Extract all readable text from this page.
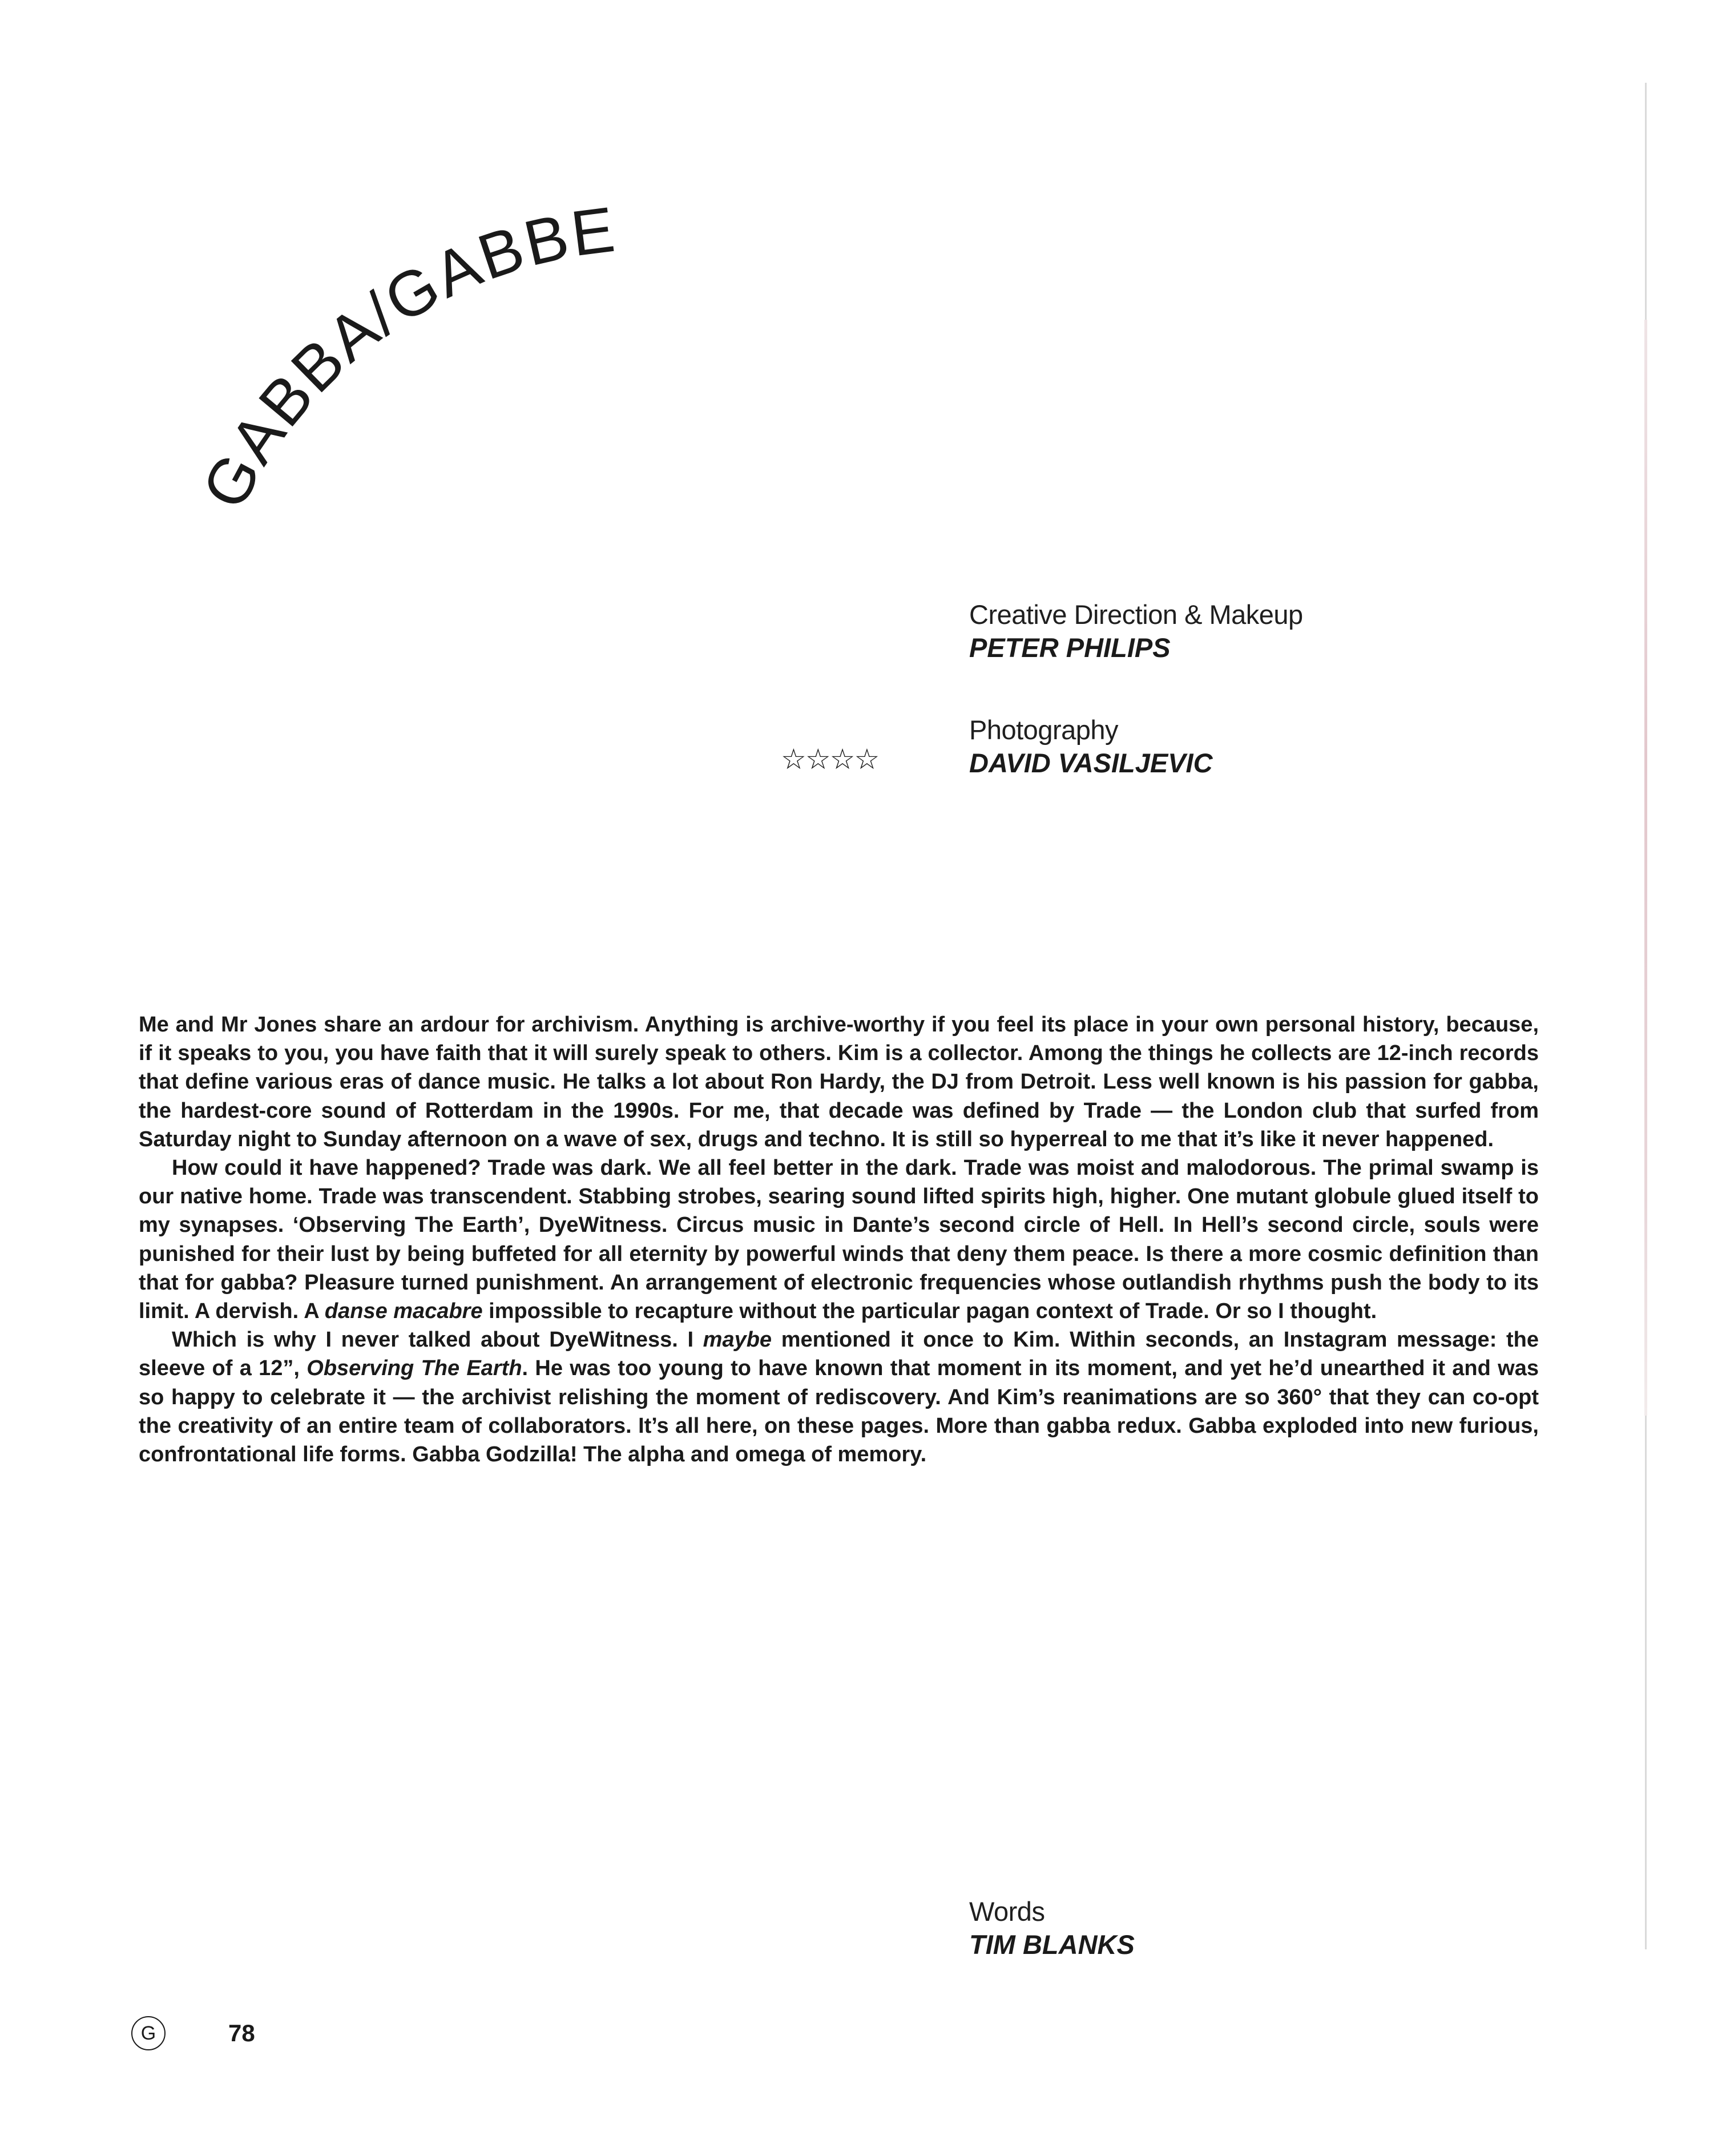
GABBA/GABBER
Creative Direction & Makeup
PETER PHILIPS
☆☆☆☆
Photography
DAVID VASILJEVIC

Me and Mr Jones share an ardour for archivism. Anything is archive-worthy if you feel its place in your own personal history, because, if it speaks to you, you have faith that it will surely speak to others. Kim is a collector. Among the things he collects are 12-inch records that define various eras of dance music. He talks a lot about Ron Hardy, the DJ from Detroit. Less well known is his passion for gabba, the hardest-core sound of Rotterdam in the 1990s. For me, that decade was defined by Trade — the London club that surfed from Saturday night to Sunday afternoon on a wave of sex, drugs and techno. It is still so hyperreal to me that it’s like it never happened.

How could it have happened? Trade was dark. We all feel better in the dark. Trade was moist and malodorous. The primal swamp is our native home. Trade was transcendent. Stabbing strobes, searing sound lifted spirits high, higher. One mutant globule glued itself to my synapses. ‘Observing The Earth’, DyeWitness. Circus music in Dante’s second circle of Hell. In Hell’s second circle, souls were punished for their lust by being buffeted for all eternity by powerful winds that deny them peace. Is there a more cosmic definition than that for gabba? Pleasure turned punishment. An arrangement of electronic frequencies whose outlandish rhythms push the body to its limit. A dervish. A danse macabre impossible to recapture without the particular pagan context of Trade. Or so I thought.

Which is why I never talked about DyeWitness. I maybe mentioned it once to Kim. Within seconds, an Instagram message: the sleeve of a 12”, Observing The Earth. He was too young to have known that moment in its moment, and yet he’d unearthed it and was so happy to celebrate it — the archivist relishing the moment of rediscovery. And Kim’s reanimations are so 360° that they can co-opt the creativity of an entire team of collaborators. It’s all here, on these pages. More than gabba redux. Gabba exploded into new furious, confrontational life forms. Gabba Godzilla! The alpha and omega of memory.

Words
TIM BLANKS
G	78
